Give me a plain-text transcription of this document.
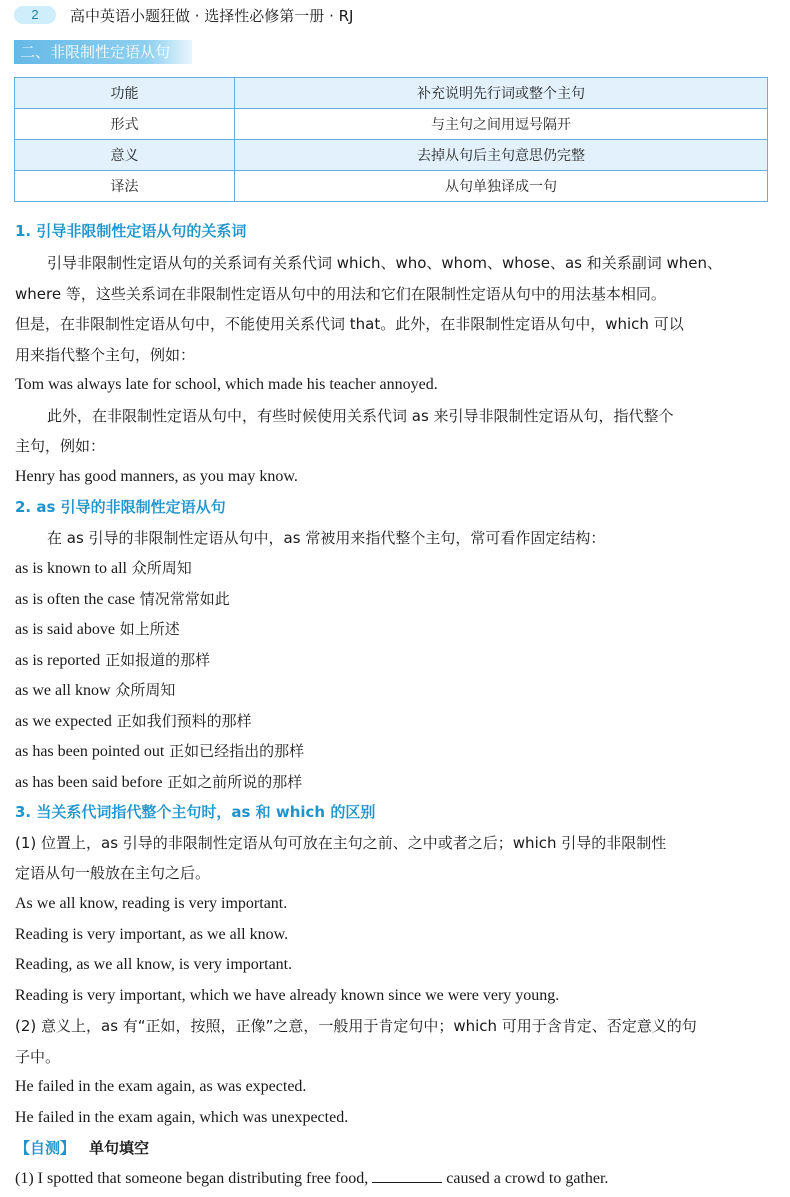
2	高中英语小题狂做 · 选择性必修第一册 · RJ
二、非限制性定语从句
功能	补充说明先行词或整个主句
形式	与主句之间用逗号隔开
意义	去掉从句后主句意思仍完整
译法	从句单独译成一句
1. 引导非限制性定语从句的关系词
引导非限制性定语从句的关系词有关系代词 which、who、whom、whose、as 和关系副词 when、
where 等，这些关系词在非限制性定语从句中的用法和它们在限制性定语从句中的用法基本相同。
但是，在非限制性定语从句中，不能使用关系代词 that。此外，在非限制性定语从句中，which 可以
用来指代整个主句，例如：
Tom was always late for school, which made his teacher annoyed.
此外，在非限制性定语从句中，有些时候使用关系代词 as 来引导非限制性定语从句，指代整个
主句，例如：
Henry has good manners, as you may know.
2. as 引导的非限制性定语从句
在 as 引导的非限制性定语从句中，as 常被用来指代整个主句，常可看作固定结构：
as is known to all 众所周知
as is often the case 情况常常如此
as is said above 如上所述
as is reported 正如报道的那样
as we all know 众所周知
as we expected 正如我们预料的那样
as has been pointed out 正如已经指出的那样
as has been said before 正如之前所说的那样
3. 当关系代词指代整个主句时，as 和 which 的区别
(1) 位置上，as 引导的非限制性定语从句可放在主句之前、之中或者之后；which 引导的非限制性
定语从句一般放在主句之后。
As we all know, reading is very important.
Reading is very important, as we all know.
Reading, as we all know, is very important.
Reading is very important, which we have already known since we were very young.
(2) 意义上，as 有“正如，按照，正像”之意，一般用于肯定句中；which 可用于含肯定、否定意义的句
子中。
He failed in the exam again, as was expected.
He failed in the exam again, which was unexpected.
【自测】 单句填空
(1) I spotted that someone began distributing free food,	caused a crowd to gather.
